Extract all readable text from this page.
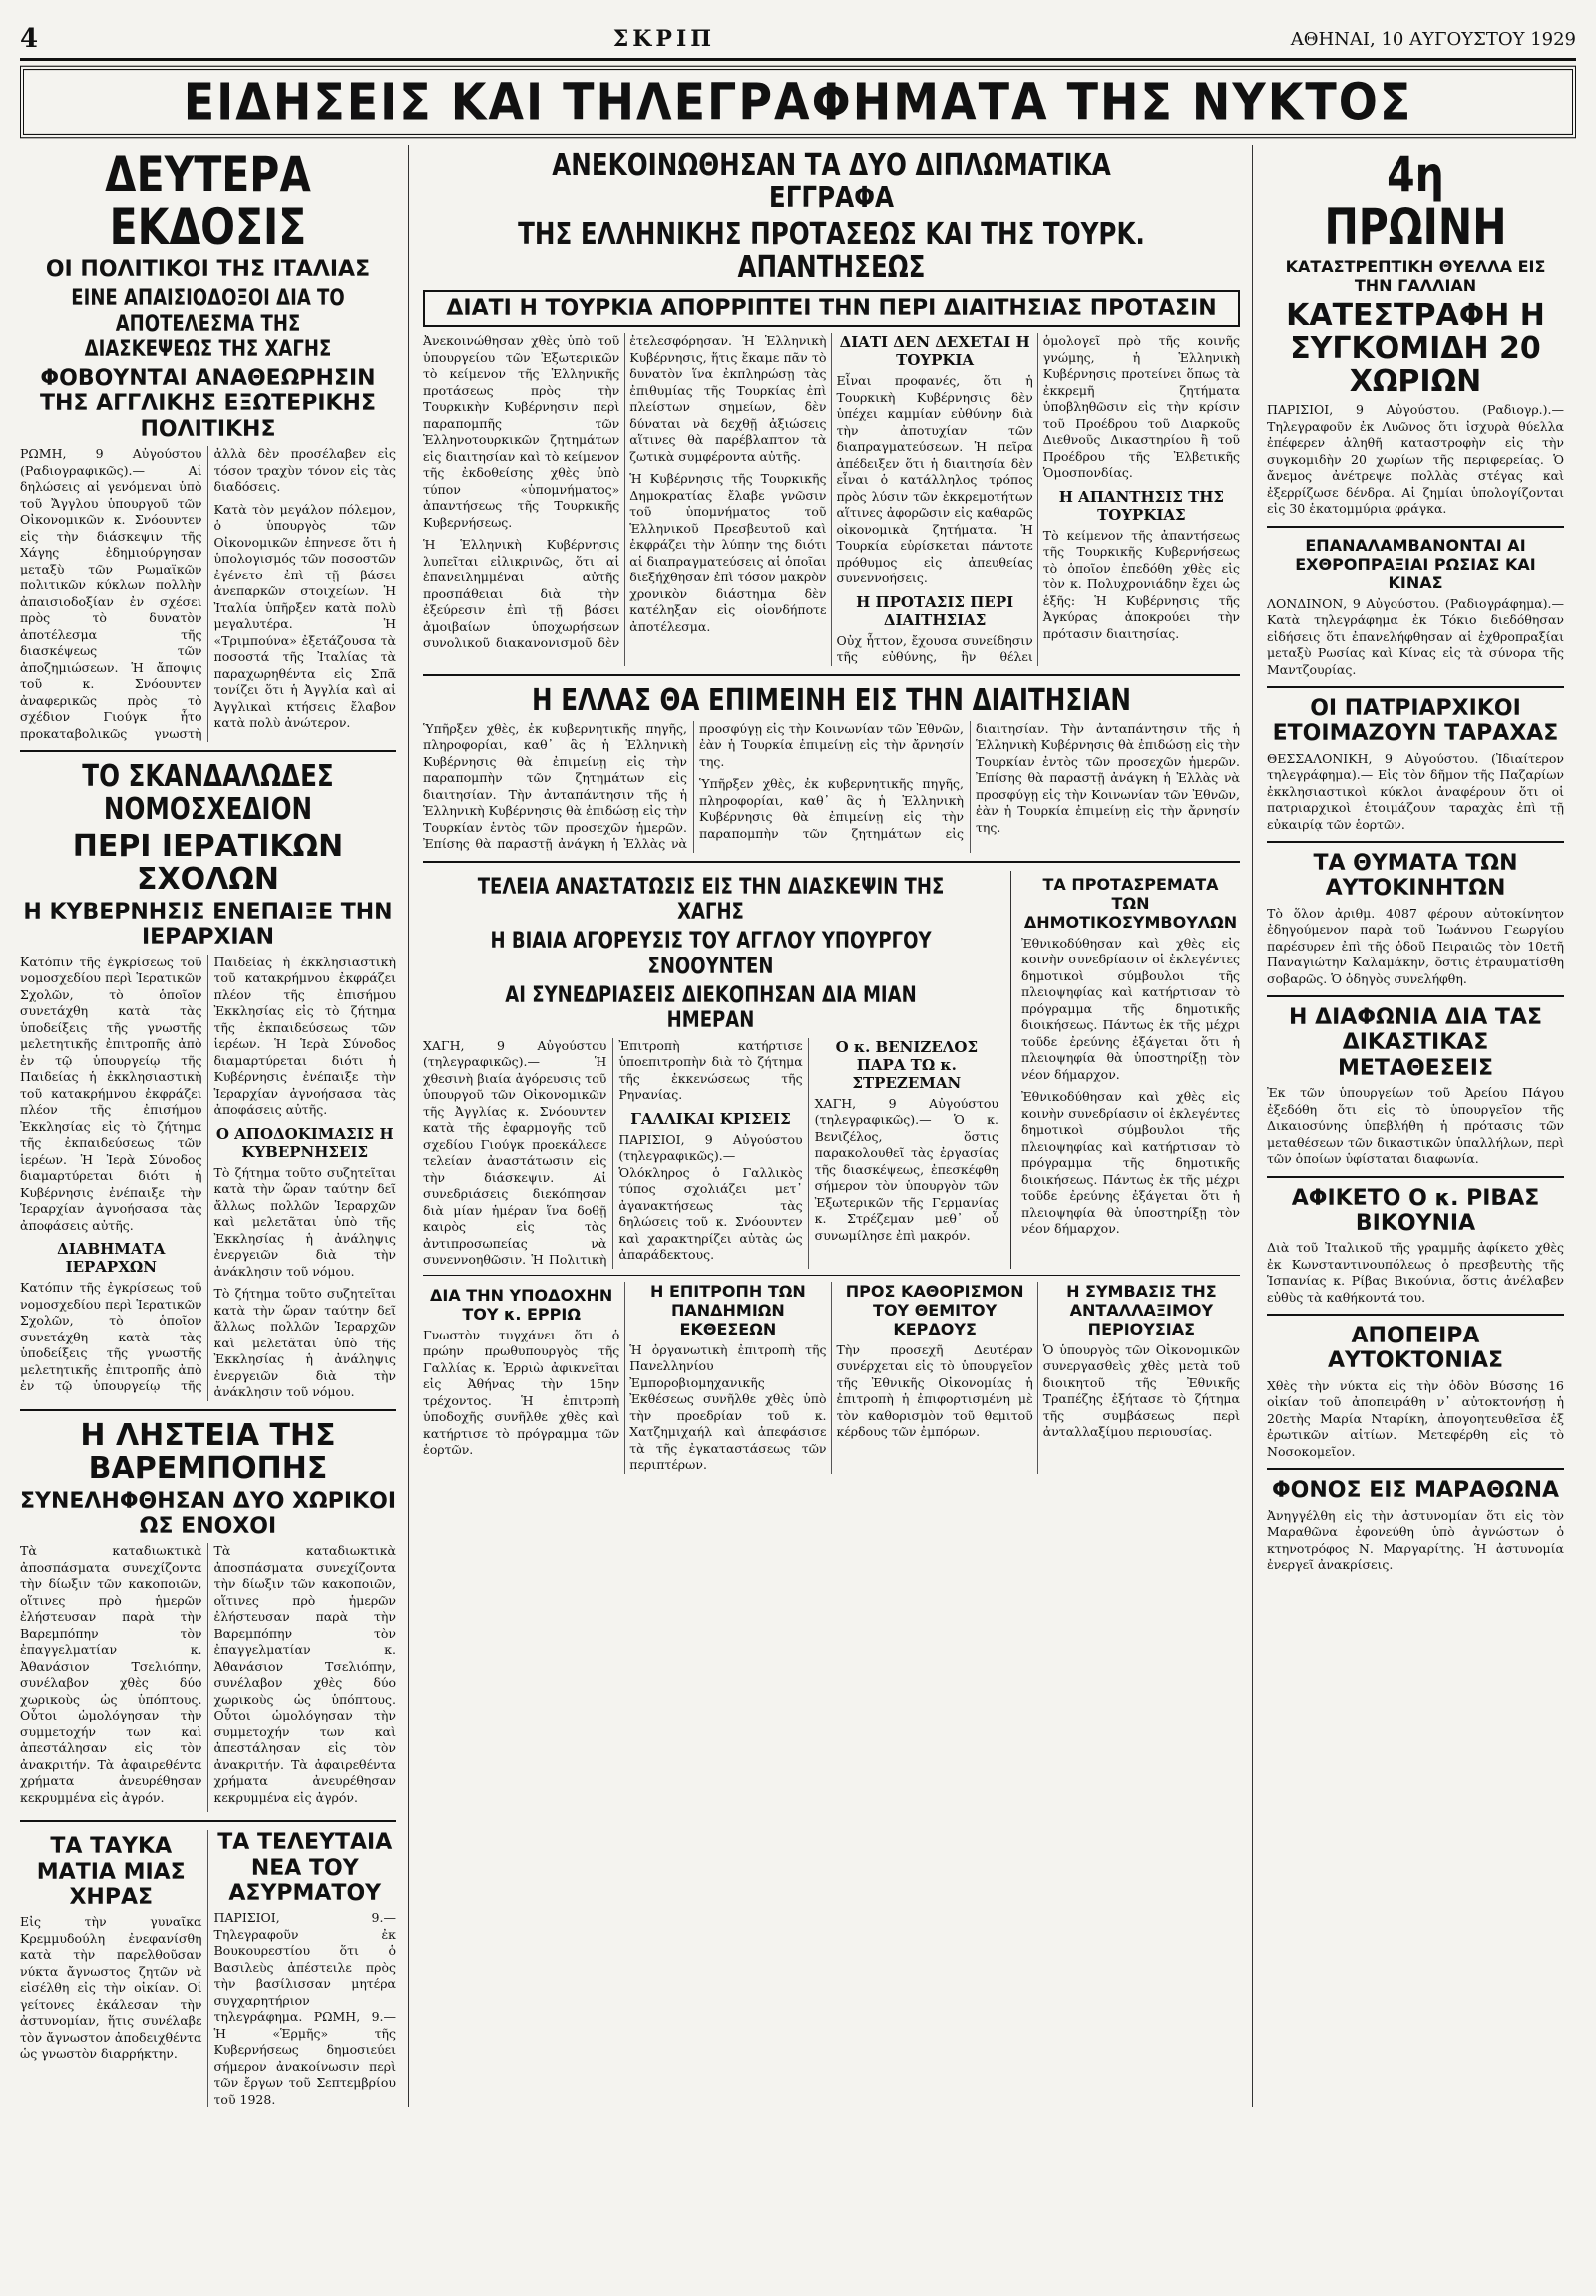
4	ΣΚΡΙΠ	ΑΘΗΝΑΙ, 10 ΑΥΓΟΥΣΤΟΥ 1929
ΕΙΔΗΣΕΙΣ ΚΑΙ ΤΗΛΕΓΡΑΦΗΜΑΤΑ ΤΗΣ ΝΥΚΤΟΣ
ΔΕΥΤΕΡΑ ΕΚΔΟΣΙΣ
ΟΙ ΠΟΛΙΤΙΚΟΙ ΤΗΣ ΙΤΑΛΙΑΣ
ΕΙΝΕ ΑΠΑΙΣΙΟΔΟΞΟΙ ΔΙΑ ΤΟ ΑΠΟΤΕΛΕΣΜΑ ΤΗΣ ΔΙΑΣΚΕΨΕΩΣ ΤΗΣ ΧΑΓΗΣ
ΦΟΒΟΥΝΤΑΙ ΑΝΑΘΕΩΡΗΣΙΝ ΤΗΣ ΑΓΓΛΙΚΗΣ ΕΞΩΤΕΡΙΚΗΣ ΠΟΛΙΤΙΚΗΣ

ΡΩΜΗ, 9 Αὐγούστου (Ραδιογραφικῶς).— Αἱ δηλώσεις αἱ γενόμεναι ὑπὸ τοῦ Ἄγγλου ὑπουργοῦ τῶν Οἰκονομικῶν κ. Σνόουντεν εἰς τὴν διάσκεψιν τῆς Χάγης ἐδημιούργησαν μεταξὺ τῶν Ρωμαϊκῶν πολιτικῶν κύκλων πολλὴν ἀπαισιοδοξίαν ἐν σχέσει πρὸς τὸ δυνατὸν ἀποτέλεσμα τῆς διασκέψεως τῶν ἀποζημιώσεων. Ἡ ἄποψις τοῦ κ. Σνόουντεν ἀναφερικῶς πρὸς τὸ σχέδιον Γιούγκ ἦτο προκαταβολικῶς γνωστὴ ἀλλὰ δὲν προσέλαβεν εἰς τόσον τραχὺν τόνον εἰς τὰς διαδόσεις.

Κατὰ τὸν μεγάλον πόλεμον, ὁ ὑπουργὸς τῶν Οἰκονομικῶν ἐπηνεσε ὅτι ἡ ὑπολογισμός τῶν ποσοστῶν ἐγένετο ἐπὶ τῇ βάσει ἀνεπαρκῶν στοιχείων. Ἡ Ἰταλία ὑπῆρξεν κατὰ πολὺ μεγαλυτέρα. Ἡ «Τριμπούνα» ἐξετάζουσα τὰ ποσοστά τῆς Ἰταλίας τὰ παραχωρηθέντα εἰς Σπᾶ τονίζει ὅτι ἡ Ἀγγλία καὶ αἱ Ἀγγλικαὶ κτήσεις ἔλαβον κατὰ πολὺ ἀνώτερον.

ΤΟ ΣΚΑΝΔΑΛΩΔΕΣ ΝΟΜΟΣΧΕΔΙΟΝ
ΠΕΡΙ ΙΕΡΑΤΙΚΩΝ ΣΧΟΛΩΝ
Η ΚΥΒΕΡΝΗΣΙΣ ΕΝΕΠΑΙΞΕ ΤΗΝ ΙΕΡΑΡΧΙΑΝ

Κατόπιν τῆς ἐγκρίσεως τοῦ νομοσχεδίου περὶ Ἱερατικῶν Σχολῶν, τὸ ὁποῖον συνετάχθη κατὰ τὰς ὑποδείξεις τῆς γνωστῆς μελετητικῆς ἐπιτροπῆς ἀπὸ ἐν τῷ ὑπουργείῳ τῆς Παιδείας ἡ ἐκκλησιαστικὴ τοῦ κατακρήμνου ἐκφράζει πλέον τῆς ἐπισήμου Ἐκκλησίας εἰς τὸ ζήτημα τῆς ἐκπαιδεύσεως τῶν ἱερέων. Ἡ Ἱερὰ Σύνοδος διαμαρτύρεται διότι ἡ Κυβέρνησις ἐνέπαιξε τὴν Ἱεραρχίαν ἀγνοήσασα τὰς ἀποφάσεις αὐτῆς.

ΔΙΑΒΗΜΑΤΑ ΙΕΡΑΡΧΩΝ

Κατόπιν τῆς ἐγκρίσεως τοῦ νομοσχεδίου περὶ Ἱερατικῶν Σχολῶν, τὸ ὁποῖον συνετάχθη κατὰ τὰς ὑποδείξεις τῆς γνωστῆς μελετητικῆς ἐπιτροπῆς ἀπὸ ἐν τῷ ὑπουργείῳ τῆς Παιδείας ἡ ἐκκλησιαστικὴ τοῦ κατακρήμνου ἐκφράζει πλέον τῆς ἐπισήμου Ἐκκλησίας εἰς τὸ ζήτημα τῆς ἐκπαιδεύσεως τῶν ἱερέων. Ἡ Ἱερὰ Σύνοδος διαμαρτύρεται διότι ἡ Κυβέρνησις ἐνέπαιξε τὴν Ἱεραρχίαν ἀγνοήσασα τὰς ἀποφάσεις αὐτῆς.

Ο ΑΠΟΔΟΚΙΜΑΣΙΣ Η ΚΥΒΕΡΝΗΣΕΙΣ

Τὸ ζήτημα τοῦτο συζητεῖται κατὰ τὴν ὥραν ταύτην δεῖ ἄλλως πολλῶν Ἱεραρχῶν καὶ μελετᾶται ὑπὸ τῆς Ἐκκλησίας ἡ ἀνάληψις ἐνεργειῶν διὰ τὴν ἀνάκλησιν τοῦ νόμου.

Τὸ ζήτημα τοῦτο συζητεῖται κατὰ τὴν ὥραν ταύτην δεῖ ἄλλως πολλῶν Ἱεραρχῶν καὶ μελετᾶται ὑπὸ τῆς Ἐκκλησίας ἡ ἀνάληψις ἐνεργειῶν διὰ τὴν ἀνάκλησιν τοῦ νόμου.

Η ΛΗΣΤΕΙΑ ΤΗΣ ΒΑΡΕΜΠΟΠΗΣ
ΣΥΝΕΛΗΦΘΗΣΑΝ ΔΥΟ ΧΩΡΙΚΟΙ ΩΣ ΕΝΟΧΟΙ

Τὰ καταδιωκτικὰ ἀποσπάσματα συνεχίζοντα τὴν δίωξιν τῶν κακοποιῶν, οἵτινες πρὸ ἡμερῶν ἐλήστευσαν παρὰ τὴν Βαρεμπόπην τὸν ἐπαγγελματίαν κ. Ἀθανάσιον Τσελιόπην, συνέλαβον χθὲς δύο χωρικοὺς ὡς ὑπόπτους. Οὗτοι ὡμολόγησαν τὴν συμμετοχήν των καὶ ἀπεστάλησαν εἰς τὸν ἀνακριτήν. Τὰ ἀφαιρεθέντα χρήματα ἀνευρέθησαν κεκρυμμένα εἰς ἀγρόν.

Τὰ καταδιωκτικὰ ἀποσπάσματα συνεχίζοντα τὴν δίωξιν τῶν κακοποιῶν, οἵτινες πρὸ ἡμερῶν ἐλήστευσαν παρὰ τὴν Βαρεμπόπην τὸν ἐπαγγελματίαν κ. Ἀθανάσιον Τσελιόπην, συνέλαβον χθὲς δύο χωρικοὺς ὡς ὑπόπτους. Οὗτοι ὡμολόγησαν τὴν συμμετοχήν των καὶ ἀπεστάλησαν εἰς τὸν ἀνακριτήν. Τὰ ἀφαιρεθέντα χρήματα ἀνευρέθησαν κεκρυμμένα εἰς ἀγρόν.

ΤΑ ΤΑΥΚΑ ΜΑΤΙΑ ΜΙΑΣ ΧΗΡΑΣ

Εἰς τὴν γυναῖκα Κρεμμυδούλη ἐνεφανίσθη κατὰ τὴν παρελθοῦσαν νύκτα ἄγνωστος ζητῶν νὰ εἰσέλθη εἰς τὴν οἰκίαν. Οἱ γείτονες ἐκάλεσαν τὴν ἀστυνομίαν, ἥτις συνέλαβε τὸν ἄγνωστον ἀποδειχθέντα ὡς γνωστὸν διαρρήκτην.

ΤΑ ΤΕΛΕΥΤΑΙΑ ΝΕΑ ΤΟΥ ΑΣΥΡΜΑΤΟΥ

ΠΑΡΙΣΙΟΙ, 9.— Τηλεγραφοῦν ἐκ Βουκουρεστίου ὅτι ὁ Βασιλεὺς ἀπέστειλε πρὸς τὴν βασίλισσαν μητέρα συγχαρητήριον τηλεγράφημα. ΡΩΜΗ, 9.— Ἡ «Ἑρμῆς» τῆς Κυβερνήσεως δημοσιεύει σήμερον ἀνακοίνωσιν περὶ τῶν ἔργων τοῦ Σεπτεμβρίου τοῦ 1928.

ΑΝΕΚΟΙΝΩΘΗΣΑΝ ΤΑ ΔΥΟ ΔΙΠΛΩΜΑΤΙΚΑ ΕΓΓΡΑΦΑ
ΤΗΣ ΕΛΛΗΝΙΚΗΣ ΠΡΟΤΑΣΕΩΣ ΚΑΙ ΤΗΣ ΤΟΥΡΚ. ΑΠΑΝΤΗΣΕΩΣ
ΔΙΑΤΙ Η ΤΟΥΡΚΙΑ ΑΠΟΡΡΙΠΤΕΙ ΤΗΝ ΠΕΡΙ ΔΙΑΙΤΗΣΙΑΣ ΠΡΟΤΑΣΙΝ

Ἀνεκοινώθησαν χθὲς ὑπὸ τοῦ ὑπουργείου τῶν Ἐξωτερικῶν τὸ κείμενον τῆς Ἑλληνικῆς προτάσεως πρὸς τὴν Τουρκικὴν Κυβέρνησιν περὶ παραπομπῆς τῶν Ἑλληνοτουρκικῶν ζητημάτων εἰς διαιτησίαν καὶ τὸ κείμενον τῆς ἐκδοθείσης χθὲς ὑπὸ τύπον «ὑπομνήματος» ἀπαντήσεως τῆς Τουρκικῆς Κυβερνήσεως.

Ἡ Ἑλληνικὴ Κυβέρνησις λυπεῖται εἰλικρινῶς, ὅτι αἱ ἐπανειλημμέναι αὐτῆς προσπάθειαι διὰ τὴν ἐξεύρεσιν ἐπὶ τῇ βάσει ἀμοιβαίων ὑποχωρήσεων συνολικοῦ διακανονισμοῦ δὲν ἐτελεσφόρησαν. Ἡ Ἑλληνικὴ Κυβέρνησις, ἥτις ἔκαμε πᾶν τὸ δυνατὸν ἵνα ἐκπληρώσῃ τὰς ἐπιθυμίας τῆς Τουρκίας ἐπὶ πλείστων σημείων, δὲν δύναται νὰ δεχθῇ ἀξιώσεις αἵτινες θὰ παρέβλαπτον τὰ ζωτικὰ συμφέροντα αὐτῆς.

Ἡ Κυβέρνησις τῆς Τουρκικῆς Δημοκρατίας ἔλαβε γνῶσιν τοῦ ὑπομνήματος τοῦ Ἑλληνικοῦ Πρεσβευτοῦ καὶ ἐκφράζει τὴν λύπην της διότι αἱ διαπραγματεύσεις αἱ ὁποῖαι διεξήχθησαν ἐπὶ τόσον μακρὸν χρονικὸν διάστημα δὲν κατέληξαν εἰς οἱονδήποτε ἀποτέλεσμα.

ΔΙΑΤΙ ΔΕΝ ΔΕΧΕΤΑΙ Η ΤΟΥΡΚΙΑ

Εἶναι προφανές, ὅτι ἡ Τουρκικὴ Κυβέρνησις δὲν ὑπέχει καμμίαν εὐθύνην διὰ τὴν ἀποτυχίαν τῶν διαπραγματεύσεων. Ἡ πεῖρα ἀπέδειξεν ὅτι ἡ διαιτησία δὲν εἶναι ὁ κατάλληλος τρόπος πρὸς λύσιν τῶν ἐκκρεμοτήτων αἵτινες ἀφορῶσιν εἰς καθαρῶς οἰκονομικὰ ζητήματα. Ἡ Τουρκία εὑρίσκεται πάντοτε πρόθυμος εἰς ἀπευθείας συνεννοήσεις.

Η ΠΡΟΤΑΣΙΣ ΠΕΡΙ ΔΙΑΙΤΗΣΙΑΣ

Οὐχ ἧττον, ἔχουσα συνείδησιν τῆς εὐθύνης, ἣν θέλει ὁμολογεῖ πρὸ τῆς κοινῆς γνώμης, ἡ Ἑλληνικὴ Κυβέρνησις προτείνει ὅπως τὰ ἐκκρεμῆ ζητήματα ὑποβληθῶσιν εἰς τὴν κρίσιν τοῦ Προέδρου τοῦ Διαρκοῦς Διεθνοῦς Δικαστηρίου ἢ τοῦ Προέδρου τῆς Ἐλβετικῆς Ὁμοσπονδίας.

Η ΑΠΑΝΤΗΣΙΣ ΤΗΣ ΤΟΥΡΚΙΑΣ

Τὸ κείμενον τῆς ἀπαντήσεως τῆς Τουρκικῆς Κυβερνήσεως τὸ ὁποῖον ἐπεδόθη χθὲς εἰς τὸν κ. Πολυχρονιάδην ἔχει ὡς ἑξῆς: Ἡ Κυβέρνησις τῆς Ἀγκύρας ἀποκρούει τὴν πρότασιν διαιτησίας.

Η ΕΛΛΑΣ ΘΑ ΕΠΙΜΕΙΝΗ ΕΙΣ ΤΗΝ ΔΙΑΙΤΗΣΙΑΝ

Ὑπῆρξεν χθὲς, ἐκ κυβερνητικῆς πηγῆς, πληροφορίαι, καθ᾽ ἃς ἡ Ἑλληνικὴ Κυβέρνησις θὰ ἐπιμείνῃ εἰς τὴν παραπομπὴν τῶν ζητημάτων εἰς διαιτησίαν. Τὴν ἀνταπάντησιν τῆς ἡ Ἑλληνικὴ Κυβέρνησις θὰ ἐπιδώσῃ εἰς τὴν Τουρκίαν ἐντὸς τῶν προσεχῶν ἡμερῶν. Ἐπίσης θὰ παραστῇ ἀνάγκη ἡ Ἑλλὰς νὰ προσφύγῃ εἰς τὴν Κοινωνίαν τῶν Ἐθνῶν, ἐὰν ἡ Τουρκία ἐπιμείνῃ εἰς τὴν ἄρνησίν της.

Ὑπῆρξεν χθὲς, ἐκ κυβερνητικῆς πηγῆς, πληροφορίαι, καθ᾽ ἃς ἡ Ἑλληνικὴ Κυβέρνησις θὰ ἐπιμείνῃ εἰς τὴν παραπομπὴν τῶν ζητημάτων εἰς διαιτησίαν. Τὴν ἀνταπάντησιν τῆς ἡ Ἑλληνικὴ Κυβέρνησις θὰ ἐπιδώσῃ εἰς τὴν Τουρκίαν ἐντὸς τῶν προσεχῶν ἡμερῶν. Ἐπίσης θὰ παραστῇ ἀνάγκη ἡ Ἑλλὰς νὰ προσφύγῃ εἰς τὴν Κοινωνίαν τῶν Ἐθνῶν, ἐὰν ἡ Τουρκία ἐπιμείνῃ εἰς τὴν ἄρνησίν της.

ΤΕΛΕΙΑ ΑΝΑΣΤΑΤΩΣΙΣ ΕΙΣ ΤΗΝ ΔΙΑΣΚΕΨΙΝ ΤΗΣ ΧΑΓΗΣ
Η ΒΙΑΙΑ ΑΓΟΡΕΥΣΙΣ ΤΟΥ ΑΓΓΛΟΥ ΥΠΟΥΡΓΟΥ ΣΝΟΟΥΝΤΕΝ
ΑΙ ΣΥΝΕΔΡΙΑΣΕΙΣ ΔΙΕΚΟΠΗΣΑΝ ΔΙΑ ΜΙΑΝ ΗΜΕΡΑΝ

ΧΑΓΗ, 9 Αὐγούστου (τηλεγραφικῶς).— Ἡ χθεσινὴ βιαία ἀγόρευσις τοῦ ὑπουργοῦ τῶν Οἰκονομικῶν τῆς Ἀγγλίας κ. Σνόουντεν κατὰ τῆς ἐφαρμογῆς τοῦ σχεδίου Γιούγκ προεκάλεσε τελείαν ἀναστάτωσιν εἰς τὴν διάσκεψιν. Αἱ συνεδριάσεις διεκόπησαν διὰ μίαν ἡμέραν ἵνα δοθῇ καιρὸς εἰς τὰς ἀντιπροσωπείας νὰ συνεννοηθῶσιν. Ἡ Πολιτικὴ Ἐπιτροπὴ κατήρτισε ὑποεπιτροπὴν διὰ τὸ ζήτημα τῆς ἐκκενώσεως τῆς Ρηνανίας.

ΓΑΛΛΙΚΑΙ ΚΡΙΣΕΙΣ

ΠΑΡΙΣΙΟΙ, 9 Αὐγούστου (τηλεγραφικῶς).— Ὁλόκληρος ὁ Γαλλικὸς τύπος σχολιάζει μετ᾽ ἀγανακτήσεως τὰς δηλώσεις τοῦ κ. Σνόουντεν καὶ χαρακτηρίζει αὐτὰς ὡς ἀπαράδεκτους.

Ο κ. ΒΕΝΙΖΕΛΟΣ ΠΑΡΑ ΤΩ κ. ΣΤΡΕΖΕΜΑΝ

ΧΑΓΗ, 9 Αὐγούστου (τηλεγραφικῶς).— Ὁ κ. Βενιζέλος, ὅστις παρακολουθεῖ τὰς ἐργασίας τῆς διασκέψεως, ἐπεσκέφθη σήμερον τὸν ὑπουργὸν τῶν Ἐξωτερικῶν τῆς Γερμανίας κ. Στρέζεμαν μεθ᾽ οὗ συνωμίλησε ἐπὶ μακρόν.

ΤΑ ΠΡΟΤΑΣΡΕΜΑΤΑ ΤΩΝ ΔΗΜΟΤΙΚΟΣΥΜΒΟΥΛΩΝ

Ἐθνικοδύθησαν καὶ χθὲς εἰς κοινὴν συνεδρίασιν οἱ ἐκλεγέντες δημοτικοὶ σύμβουλοι τῆς πλειοψηφίας καὶ κατήρτισαν τὸ πρόγραμμα τῆς δημοτικῆς διοικήσεως. Πάντως ἐκ τῆς μέχρι τοῦδε ἐρεύνης ἐξάγεται ὅτι ἡ πλειοψηφία θὰ ὑποστηρίξῃ τὸν νέον δήμαρχον.

Ἐθνικοδύθησαν καὶ χθὲς εἰς κοινὴν συνεδρίασιν οἱ ἐκλεγέντες δημοτικοὶ σύμβουλοι τῆς πλειοψηφίας καὶ κατήρτισαν τὸ πρόγραμμα τῆς δημοτικῆς διοικήσεως. Πάντως ἐκ τῆς μέχρι τοῦδε ἐρεύνης ἐξάγεται ὅτι ἡ πλειοψηφία θὰ ὑποστηρίξῃ τὸν νέον δήμαρχον.

ΔΙΑ ΤΗΝ ΥΠΟΔΟΧΗΝ ΤΟΥ κ. ΕΡΡΙΩ

Γνωστὸν τυγχάνει ὅτι ὁ πρώην πρωθυπουργὸς τῆς Γαλλίας κ. Ἐρριὼ ἀφικνεῖται εἰς Ἀθήνας τὴν 15ην τρέχοντος. Ἡ ἐπιτροπὴ ὑποδοχῆς συνῆλθε χθὲς καὶ κατήρτισε τὸ πρόγραμμα τῶν ἑορτῶν.

Η ΕΠΙΤΡΟΠΗ ΤΩΝ ΠΑΝΔΗΜΙΩΝ ΕΚΘΕΣΕΩΝ

Ἡ ὀργανωτικὴ ἐπιτροπὴ τῆς Πανελληνίου Ἐμποροβιομηχανικῆς Ἐκθέσεως συνῆλθε χθὲς ὑπὸ τὴν προεδρίαν τοῦ κ. Χατζημιχαήλ καὶ ἀπεφάσισε τὰ τῆς ἐγκαταστάσεως τῶν περιπτέρων.

ΠΡΟΣ ΚΑΘΟΡΙΣΜΟΝ ΤΟΥ ΘΕΜΙΤΟΥ ΚΕΡΔΟΥΣ

Τὴν προσεχῆ Δευτέραν συνέρχεται εἰς τὸ ὑπουργεῖον τῆς Ἐθνικῆς Οἰκονομίας ἡ ἐπιτροπὴ ἡ ἐπιφορτισμένη μὲ τὸν καθορισμὸν τοῦ θεμιτοῦ κέρδους τῶν ἐμπόρων.

Η ΣΥΜΒΑΣΙΣ ΤΗΣ ΑΝΤΑΛΛΑΞΙΜΟΥ ΠΕΡΙΟΥΣΙΑΣ

Ὁ ὑπουργὸς τῶν Οἰκονομικῶν συνεργασθεὶς χθὲς μετὰ τοῦ διοικητοῦ τῆς Ἐθνικῆς Τραπέζης ἐξήτασε τὸ ζήτημα τῆς συμβάσεως περὶ ἀνταλλαξίμου περιουσίας.

4η ΠΡΩΙΝΗ
ΚΑΤΑΣΤΡΕΠΤΙΚΗ ΘΥΕΛΛΑ ΕΙΣ ΤΗΝ ΓΑΛΛΙΑΝ
ΚΑΤΕΣΤΡΑΦΗ Η ΣΥΓΚΟΜΙΔΗ 20 ΧΩΡΙΩΝ

ΠΑΡΙΣΙΟΙ, 9 Αὐγούστου. (Ραδιογρ.).— Τηλεγραφοῦν ἐκ Λυῶνος ὅτι ἰσχυρὰ θύελλα ἐπέφερεν ἀληθῆ καταστροφὴν εἰς τὴν συγκομιδὴν 20 χωρίων τῆς περιφερείας. Ὁ ἄνεμος ἀνέτρεψε πολλὰς στέγας καὶ ἐξερρίζωσε δένδρα. Αἱ ζημίαι ὑπολογίζονται εἰς 30 ἑκατομμύρια φράγκα.

ΕΠΑΝΑΛΑΜΒΑΝΟΝΤΑΙ ΑΙ ΕΧΘΡΟΠΡΑΞΙΑΙ ΡΩΣΙΑΣ ΚΑΙ ΚΙΝΑΣ

ΛΟΝΔΙΝΟΝ, 9 Αὐγούστου. (Ραδιογράφημα).— Κατὰ τηλεγράφημα ἐκ Τόκιο διεδόθησαν εἰδήσεις ὅτι ἐπανελήφθησαν αἱ ἐχθροπραξίαι μεταξὺ Ρωσίας καὶ Κίνας εἰς τὰ σύνορα τῆς Μαντζουρίας.

ΟΙ ΠΑΤΡΙΑΡΧΙΚΟΙ ΕΤΟΙΜΑΖΟΥΝ ΤΑΡΑΧΑΣ

ΘΕΣΣΑΛΟΝΙΚΗ, 9 Αὐγούστου. (Ἰδιαίτερον τηλεγράφημα).— Εἰς τὸν δῆμον τῆς Παζαρίων ἐκκλησιαστικοὶ κύκλοι ἀναφέρουν ὅτι οἱ πατριαρχικοὶ ἑτοιμάζουν ταραχὰς ἐπὶ τῇ εὐκαιρίᾳ τῶν ἑορτῶν.

ΤΑ ΘΥΜΑΤΑ ΤΩΝ ΑΥΤΟΚΙΝΗΤΩΝ

Τὸ ὅλον ἀριθμ. 4087 φέρουν αὐτοκίνητον ἐδηγούμενον παρὰ τοῦ Ἰωάννου Γεωργίου παρέσυρεν ἐπὶ τῆς ὁδοῦ Πειραιῶς τὸν 10ετῆ Παναγιώτην Καλαμάκην, ὅστις ἐτραυματίσθη σοβαρῶς. Ὁ ὁδηγὸς συνελήφθη.

Η ΔΙΑΦΩΝΙΑ ΔΙΑ ΤΑΣ ΔΙΚΑΣΤΙΚΑΣ ΜΕΤΑΘΕΣΕΙΣ

Ἐκ τῶν ὑπουργείων τοῦ Ἀρείου Πάγου ἐξεδόθη ὅτι εἰς τὸ ὑπουργεῖον τῆς Δικαιοσύνης ὑπεβλήθη ἡ πρότασις τῶν μεταθέσεων τῶν δικαστικῶν ὑπαλλήλων, περὶ τῶν ὁποίων ὑφίσταται διαφωνία.

ΑΦΙΚΕΤΟ Ο κ. ΡΙΒΑΣ ΒΙΚΟΥΝΙΑ

Διὰ τοῦ Ἰταλικοῦ τῆς γραμμῆς ἀφίκετο χθὲς ἐκ Κωνσταντινουπόλεως ὁ πρεσβευτὴς τῆς Ἱσπανίας κ. Ρίβας Βικούνια, ὅστις ἀνέλαβεν εὐθὺς τὰ καθήκοντά του.

ΑΠΟΠΕΙΡΑ ΑΥΤΟΚΤΟΝΙΑΣ

Χθὲς τὴν νύκτα εἰς τὴν ὁδὸν Βύσσης 16 οἰκίαν τοῦ ἀποπειράθη ν᾽ αὐτοκτονήσῃ ἡ 20ετὴς Μαρία Νταρίκη, ἀπογοητευθεῖσα ἐξ ἐρωτικῶν αἰτίων. Μετεφέρθη εἰς τὸ Νοσοκομεῖον.

ΦΟΝΟΣ ΕΙΣ ΜΑΡΑΘΩΝΑ

Ἀνηγγέλθη εἰς τὴν ἀστυνομίαν ὅτι εἰς τὸν Μαραθῶνα ἐφονεύθη ὑπὸ ἀγνώστων ὁ κτηνοτρόφος Ν. Μαργαρίτης. Ἡ ἀστυνομία ἐνεργεῖ ἀνακρίσεις.
